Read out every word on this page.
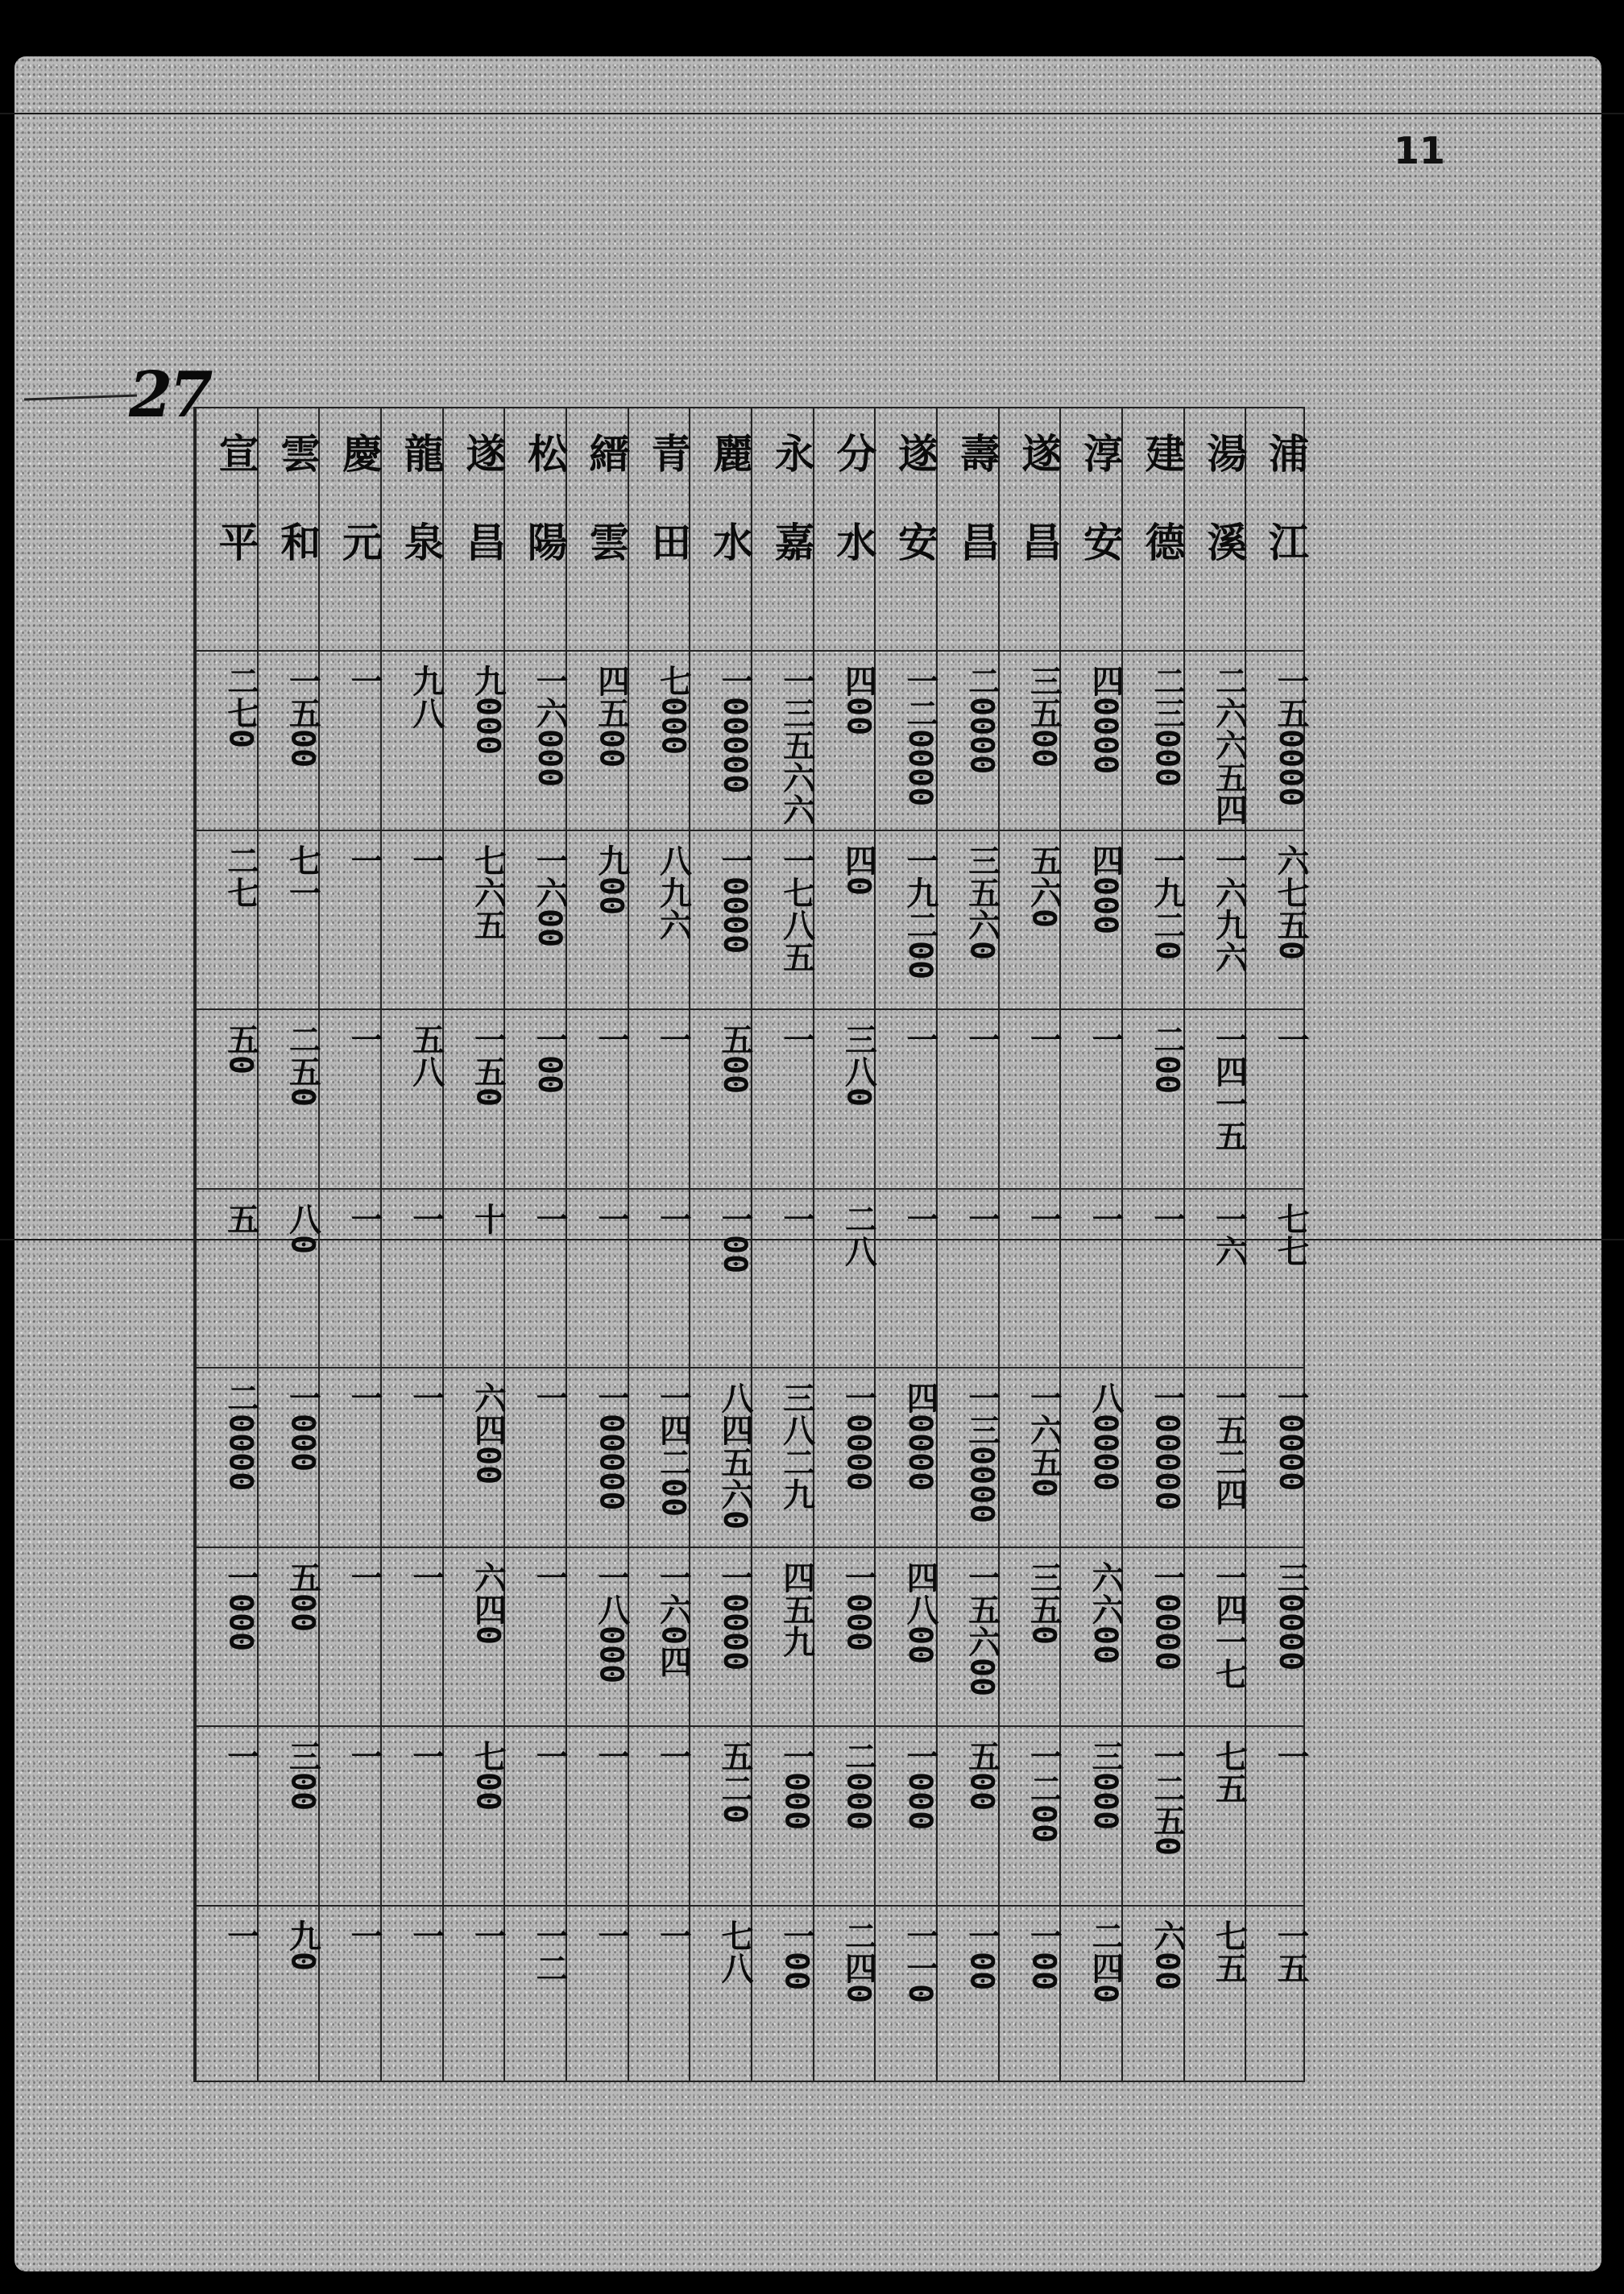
11
27
浦
江
一五0000
六七五0
一
七七
一0000
三0000
一
一五
湯
溪
二六六五四
一六九六
一四一五
一六
一五二四
一四一七
七五
七五
建
德
二三000
一九二0
二00
一
一00000
一0000
一二五0
六00
淳
安
四0000
四000
一
一
八0000
六六00
三000
二四0
遂
昌
三五00
五六0
一
一
一六五0
三五0
一二00
一00
壽
昌
二0000
三五六0
一
一
一三0000
一五六00
五00
一00
遂
安
一二0000
一九二00
一
一
四0000
四八00
一000
一一0
分
水
四00
四0
三八0
二八
一0000
一000
二000
二四0
永
嘉
一三五六六
一七八五
一
一
三八二九
四五九
一000
一00
麗
水
一00000
一0000
五00
一00
八四五六0
一0000
五二0
七八
青
田
七000
八九六
一
一
一四二00
一六0四
一
一
縉
雲
四五00
九00
一
一
一00000
一八000
一
一
松
陽
一六000
一六00
一00
一
一
一
一
一二
遂
昌
九000
七六五
一五0
十
六四00
六四0
七00
一
龍
泉
九八
一
五八
一
一
一
一
一
慶
元
一
一
一
一
一
一
一
一
雲
和
一五00
七一
二五0
八0
一000
五00
三00
九0
宣
平
二七0
二七
五0
五
二0000
一000
一
一
